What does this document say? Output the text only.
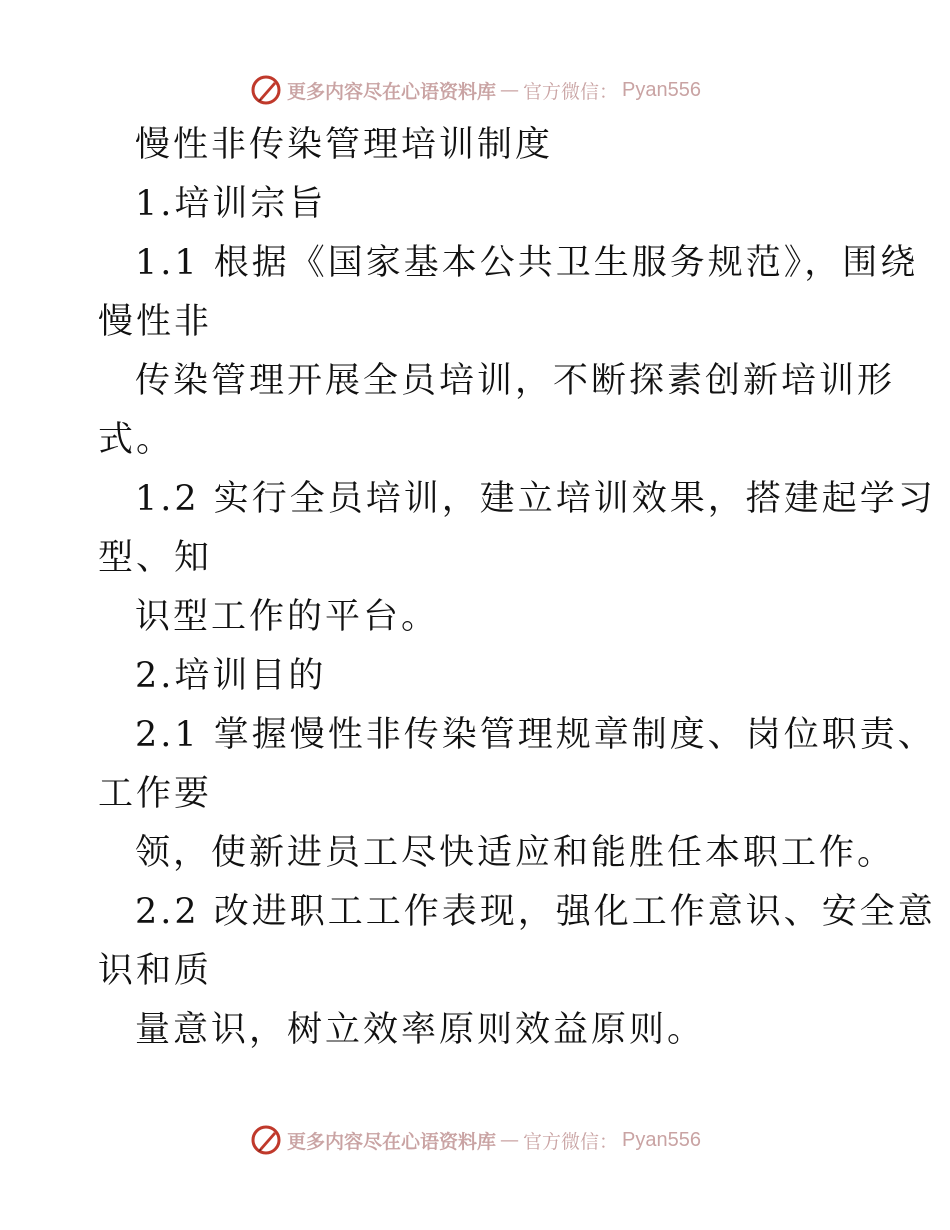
更多内容尽在心语资料库 — 官方微信： Pyan556
慢性非传染管理培训制度
1.培训宗旨
1.1 根据《国家基本公共卫生服务规范》，围绕
慢性非
传染管理开展全员培训，不断探素创新培训形
式。
1.2 实行全员培训，建立培训效果，搭建起学习
型、知
识型工作的平台。
2.培训目的
2.1 掌握慢性非传染管理规章制度、岗位职责、
工作要
领，使新进员工尽快适应和能胜任本职工作。
2.2 改进职工工作表现，强化工作意识、安全意
识和质
量意识，树立效率原则效益原则。
更多内容尽在心语资料库 — 官方微信： Pyan556
